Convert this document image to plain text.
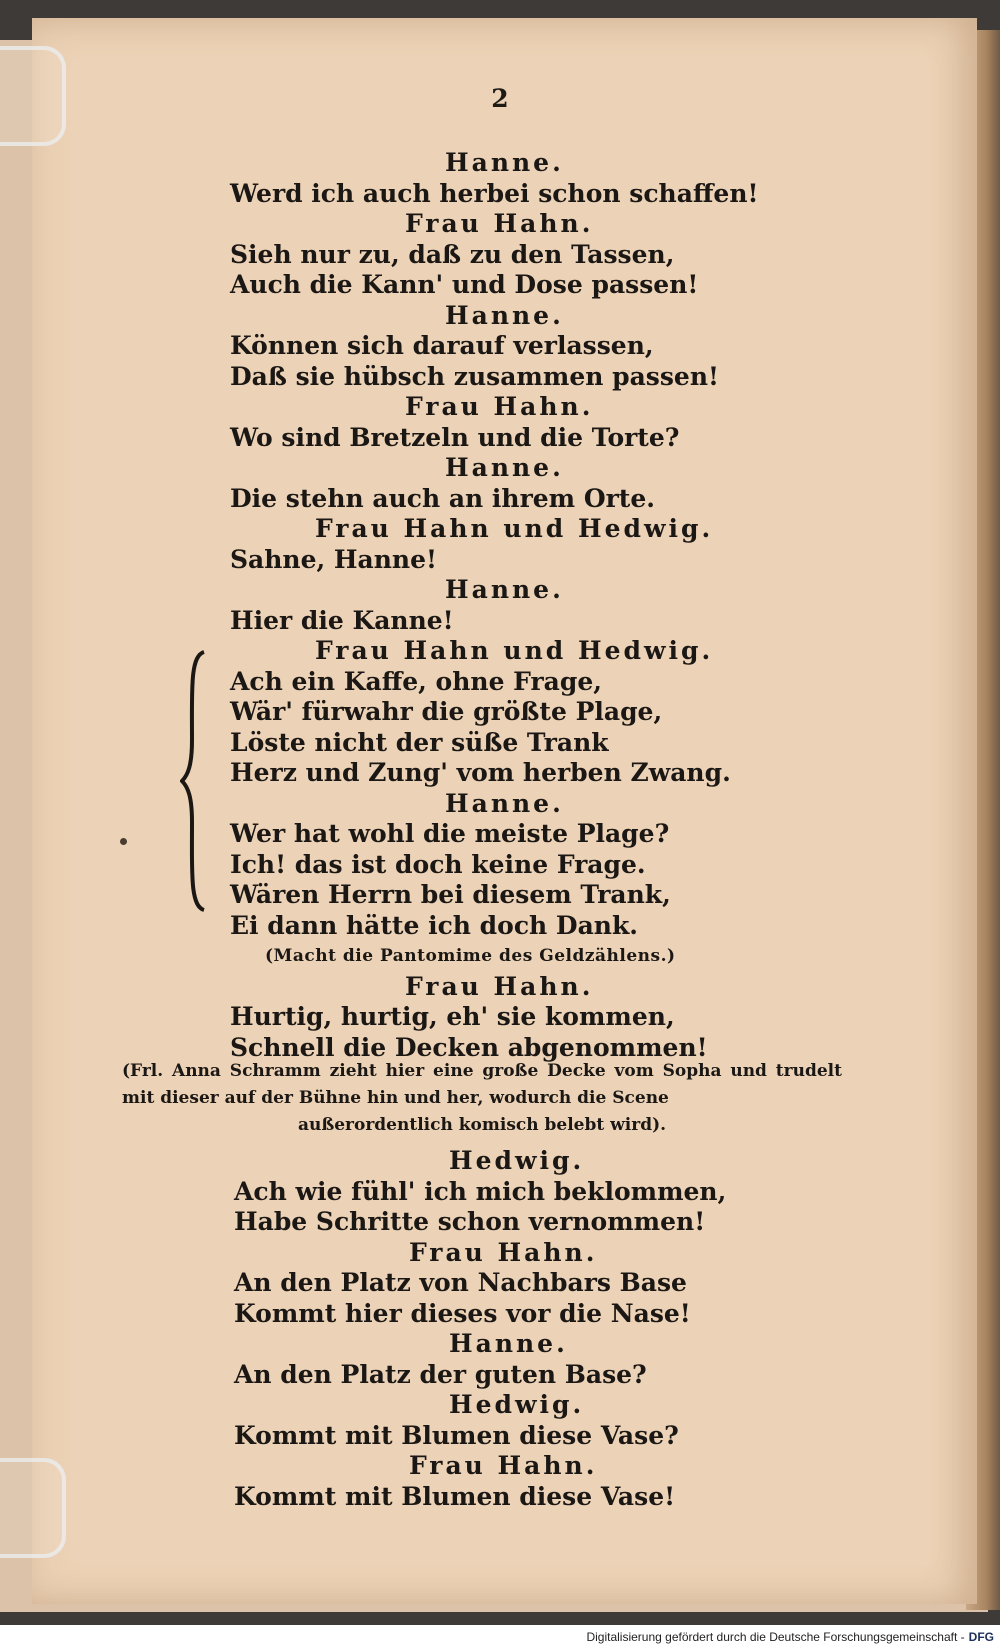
2
Hanne.
Werd ich auch herbei schon schaffen!
Frau Hahn.
Sieh nur zu, daß zu den Tassen,
Auch die Kann' und Dose passen!
Hanne.
Können sich darauf verlassen,
Daß sie hübsch zusammen passen!
Frau Hahn.
Wo sind Bretzeln und die Torte?
Hanne.
Die stehn auch an ihrem Orte.
Frau Hahn und Hedwig.
Sahne, Hanne!
Hanne.
Hier die Kanne!
Frau Hahn und Hedwig.
Ach ein Kaffe, ohne Frage,
Wär' fürwahr die größte Plage,
Löste nicht der süße Trank
Herz und Zung' vom herben Zwang.
Hanne.
Wer hat wohl die meiste Plage?
Ich! das ist doch keine Frage.
Wären Herrn bei diesem Trank,
Ei dann hätte ich doch Dank.
(Macht die Pantomime des Geldzählens.)
Frau Hahn.
Hurtig, hurtig, eh' sie kommen,
Schnell die Decken abgenommen!
(Frl. Anna Schramm zieht hier eine große Decke vom Sopha und trudelt mit dieser auf der Bühne hin und her, wodurch die Scene
außerordentlich komisch belebt wird).
Hedwig.
Ach wie fühl' ich mich beklommen,
Habe Schritte schon vernommen!
Frau Hahn.
An den Platz von Nachbars Base
Kommt hier dieses vor die Nase!
Hanne.
An den Platz der guten Base?
Hedwig.
Kommt mit Blumen diese Vase?
Frau Hahn.
Kommt mit Blumen diese Vase!
Digitalisierung gefördert durch die Deutsche Forschungsgemeinschaft - DFG
